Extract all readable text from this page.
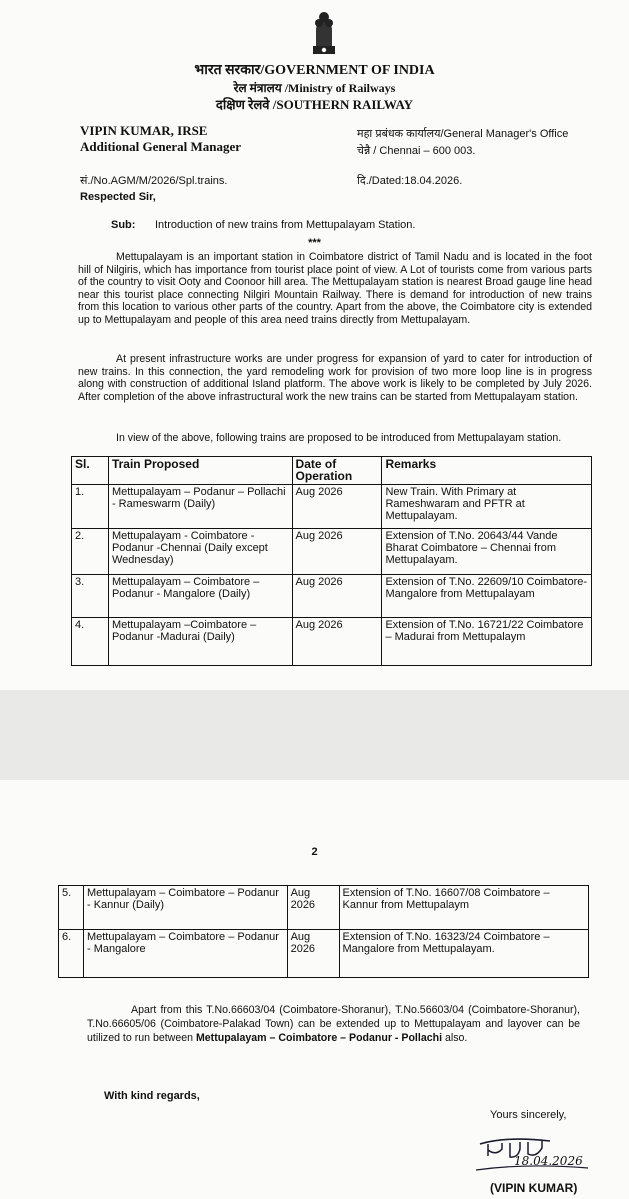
भारत सरकार/GOVERNMENT OF INDIA
रेल मंत्रालय /Ministry of Railways
दक्षिण रेलवे /SOUTHERN RAILWAY
VIPIN KUMAR, IRSE
Additional General Manager
महा प्रबंधक कार्यालय/General Manager's Office
चेन्नै / Chennai – 600 003.
सं./No.AGM/M/2026/Spl.trains.	दि./Dated:18.04.2026.
Respected Sir,
Sub: Introduction of new trains from Mettupalayam Station.
***
Mettupalayam is an important station in Coimbatore district of Tamil Nadu and is located in the foot hill of Nilgiris, which has importance from tourist place point of view. A Lot of tourists come from various parts of the country to visit Ooty and Coonoor hill area. The Mettupalayam station is nearest Broad gauge line head near this tourist place connecting Nilgiri Mountain Railway. There is demand for introduction of new trains from this location to various other parts of the country. Apart from the above, the Coimbatore city is extended up to Mettupalayam and people of this area need trains directly from Mettupalayam.
At present infrastructure works are under progress for expansion of yard to cater for introduction of new trains. In this connection, the yard remodeling work for provision of two more loop line is in progress along with construction of additional Island platform. The above work is likely to be completed by July 2026. After completion of the above infrastructural work the new trains can be started from Mettupalayam station.
In view of the above, following trains are proposed to be introduced from Mettupalayam station.
Sl.	Train Proposed	Date of Operation	Remarks
1.	Mettupalayam – Podanur – Pollachi - Rameswarm (Daily)	Aug 2026	New Train. With Primary at Rameshwaram and PFTR at Mettupalayam.
2.	Mettupalayam - Coimbatore - Podanur -Chennai (Daily except Wednesday)	Aug 2026	Extension of T.No. 20643/44 Vande Bharat Coimbatore – Chennai from Mettupalayam.
3.	Mettupalayam – Coimbatore – Podanur - Mangalore (Daily)	Aug 2026	Extension of T.No. 22609/10 Coimbatore-Mangalore from Mettupalayam
4.	Mettupalayam –Coimbatore – Podanur -Madurai (Daily)	Aug 2026	Extension of T.No. 16721/22 Coimbatore – Madurai from Mettupalaym
2
5.	Mettupalayam – Coimbatore – Podanur - Kannur (Daily)	Aug 2026	Extension of T.No. 16607/08 Coimbatore – Kannur from Mettupalaym
6.	Mettupalayam – Coimbatore – Podanur - Mangalore	Aug 2026	Extension of T.No. 16323/24 Coimbatore – Mangalore from Mettupalayam.
Apart from this T.No.66603/04 (Coimbatore-Shoranur), T.No.56603/04 (Coimbatore-Shoranur), T.No.66605/06 (Coimbatore-Palakad Town) can be extended up to Mettupalayam and layover can be utilized to run between Mettupalayam – Coimbatore – Podanur - Pollachi also.
With kind regards,
Yours sincerely,
18.04.2026
(VIPIN KUMAR)
